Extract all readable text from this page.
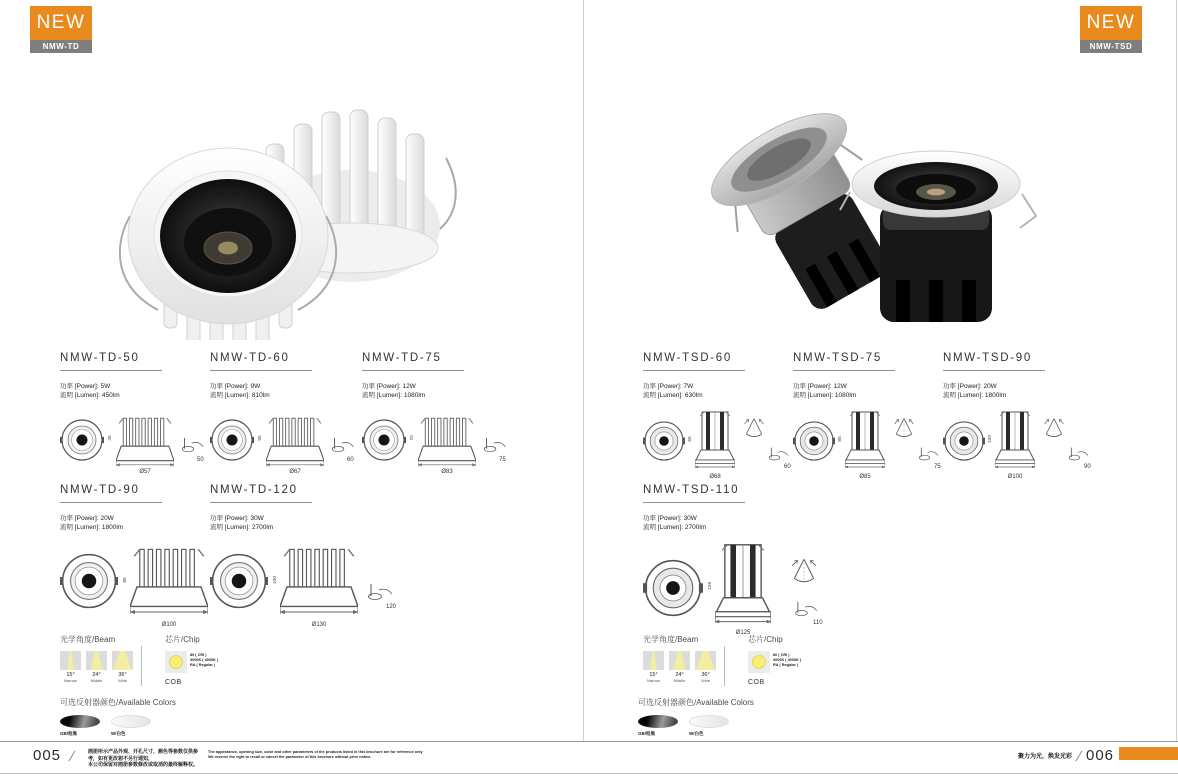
NEW
NMW-TD
NEW
NMW-TSD
NMW-TD-50
功率 [Power]: 5W
流明 [Lumen]: 450lm
45
Ø57
50
NMW-TD-60
功率 [Power]: 9W
流明 [Lumen]: 810lm
55
Ø67
60
NMW-TD-75
功率 [Power]: 12W
流明 [Lumen]: 1080lm
70
Ø83
75
NMW-TD-90
功率 [Power]: 20W
流明 [Lumen]: 1800lm
85
Ø100
NMW-TD-120
功率 [Power]: 30W
流明 [Lumen]: 2700lm
100
Ø130
120
NMW-TSD-60
功率 [Power]: 7W
流明 [Lumen]: 630lm
65
Ø68
60
NMW-TSD-75
功率 [Power]: 12W
流明 [Lumen]: 1080lm
85
Ø85
75
NMW-TSD-90
功率 [Power]: 20W
流明 [Lumen]: 1800lm
100
Ø100
90
NMW-TSD-110
功率 [Power]: 30W
流明 [Lumen]: 2700lm
128
Ø125
110
光学角度/Beam
15°
Narrow
24°
Middle
36°
Wide
芯片/Chip
80 ( CRI )
3000K ( 4000K )
RA ( Regular )
COB
光学角度/Beam
15°
Narrow
24°
Middle
36°
Wide
芯片/Chip
80 ( CRI )
3000K ( 4000K )
RA ( Regular )
COB
可选反射器颜色/Available Colors
GB/枪黑	W/白色
可选反射器颜色/Available Colors
GB/枪黑	W/白色
005 / 画册所示产品外观、开孔尺寸、颜色等参数仅供参考，如有更改恕不另行通知，
本公司保留对画册参数修改或取消的最终解释权。
The appearance, opening size, color and other parameters of the products listed in this brochure are for reference only
We reserve the right to recall or cancel the parameter of this brochure without prior notice.	聚力为光，焕发光彩 / 006
